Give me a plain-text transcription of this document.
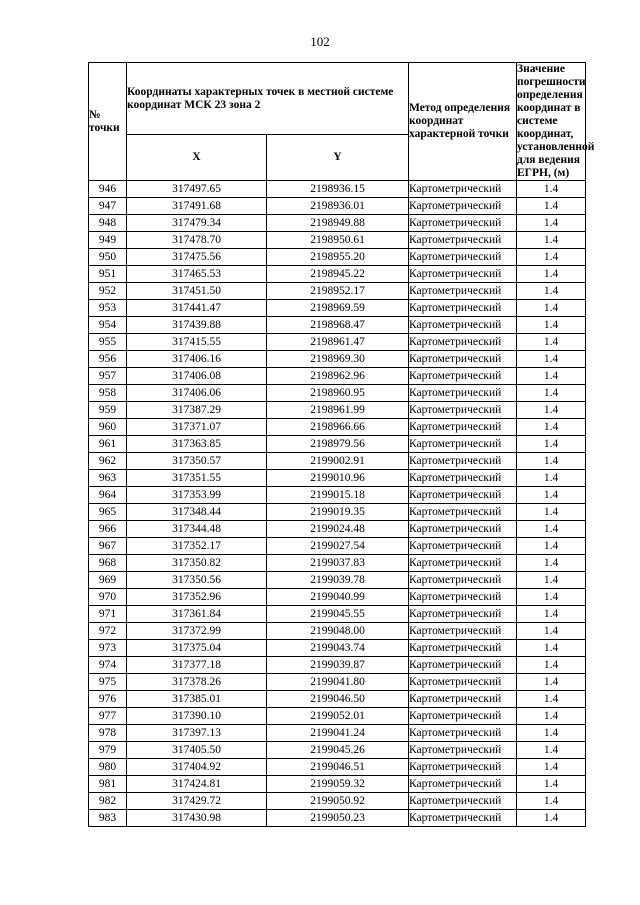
102
№ точки	Координаты характерных точек в местной системе координат МСК 23 зона 2		Метод определения координат характерной точки	Значение погрешности определения координат в системе координат, установленной для ведения ЕГРН, (м)
	X	Y		
946	317497.65	2198936.15	Картометрический	1.4
947	317491.68	2198936.01	Картометрический	1.4
948	317479.34	2198949.88	Картометрический	1.4
949	317478.70	2198950.61	Картометрический	1.4
950	317475.56	2198955.20	Картометрический	1.4
951	317465.53	2198945.22	Картометрический	1.4
952	317451.50	2198952.17	Картометрический	1.4
953	317441.47	2198969.59	Картометрический	1.4
954	317439.88	2198968.47	Картометрический	1.4
955	317415.55	2198961.47	Картометрический	1.4
956	317406.16	2198969.30	Картометрический	1.4
957	317406.08	2198962.96	Картометрический	1.4
958	317406.06	2198960.95	Картометрический	1.4
959	317387.29	2198961.99	Картометрический	1.4
960	317371.07	2198966.66	Картометрический	1.4
961	317363.85	2198979.56	Картометрический	1.4
962	317350.57	2199002.91	Картометрический	1.4
963	317351.55	2199010.96	Картометрический	1.4
964	317353.99	2199015.18	Картометрический	1.4
965	317348.44	2199019.35	Картометрический	1.4
966	317344.48	2199024.48	Картометрический	1.4
967	317352.17	2199027.54	Картометрический	1.4
968	317350.82	2199037.83	Картометрический	1.4
969	317350.56	2199039.78	Картометрический	1.4
970	317352.96	2199040.99	Картометрический	1.4
971	317361.84	2199045.55	Картометрический	1.4
972	317372.99	2199048.00	Картометрический	1.4
973	317375.04	2199043.74	Картометрический	1.4
974	317377.18	2199039.87	Картометрический	1.4
975	317378.26	2199041.80	Картометрический	1.4
976	317385.01	2199046.50	Картометрический	1.4
977	317390.10	2199052.01	Картометрический	1.4
978	317397.13	2199041.24	Картометрический	1.4
979	317405.50	2199045.26	Картометрический	1.4
980	317404.92	2199046.51	Картометрический	1.4
981	317424.81	2199059.32	Картометрический	1.4
982	317429.72	2199050.92	Картометрический	1.4
983	317430.98	2199050.23	Картометрический	1.4
